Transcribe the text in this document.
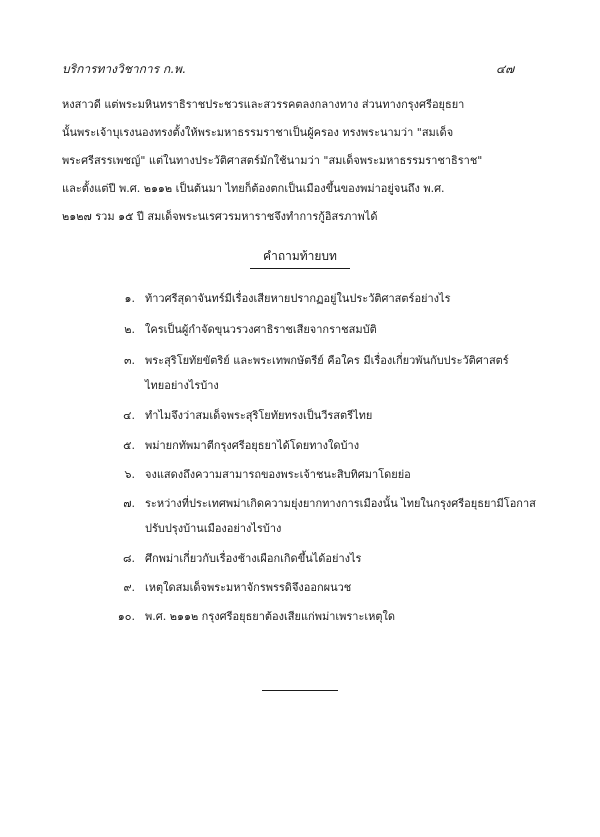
บริการทางวิชาการ ก.พ.	๔๗
หงสาวดี แต่พระมหินทราธิราชประชวรและสวรรคตลงกลางทาง ส่วนทางกรุงศรีอยุธยา
นั้นพระเจ้าบุเรงนองทรงตั้งให้พระมหาธรรมราชาเป็นผู้ครอง ทรงพระนามว่า "สมเด็จ
พระศรีสรรเพชญ์" แต่ในทางประวัติศาสตร์มักใช้นามว่า "สมเด็จพระมหาธรรมราชาธิราช"
และตั้งแต่ปี พ.ศ. ๒๑๑๒ เป็นต้นมา ไทยก็ต้องตกเป็นเมืองขึ้นของพม่าอยู่จนถึง พ.ศ.
๒๑๒๗ รวม ๑๕ ปี สมเด็จพระนเรศวรมหาราชจึงทำการกู้อิสรภาพได้
คำถามท้ายบท
๑. ท้าวศรีสุดาจันทร์มีเรื่องเสียหายปรากฏอยู่ในประวัติศาสตร์อย่างไร
๒. ใครเป็นผู้กำจัดขุนวรวงศาธิราชเสียจากราชสมบัติ
๓. พระสุริโยทัยขัตริย์ และพระเทพกษัตรีย์ คือใคร มีเรื่องเกี่ยวพันกับประวัติศาสตร์
ไทยอย่างไรบ้าง
๔. ทำไมจึงว่าสมเด็จพระสุริโยทัยทรงเป็นวีรสตรีไทย
๕. พม่ายกทัพมาตีกรุงศรีอยุธยาได้โดยทางใดบ้าง
๖. จงแสดงถึงความสามารถของพระเจ้าชนะสิบทิศมาโดยย่อ
๗. ระหว่างที่ประเทศพม่าเกิดความยุ่งยากทางการเมืองนั้น ไทยในกรุงศรีอยุธยามีโอกาส
ปรับปรุงบ้านเมืองอย่างไรบ้าง
๘. ศึกพม่าเกี่ยวกับเรื่องช้างเผือกเกิดขึ้นได้อย่างไร
๙. เหตุใดสมเด็จพระมหาจักรพรรดิจึงออกผนวช
๑๐. พ.ศ. ๒๑๑๒ กรุงศรีอยุธยาต้องเสียแก่พม่าเพราะเหตุใด
